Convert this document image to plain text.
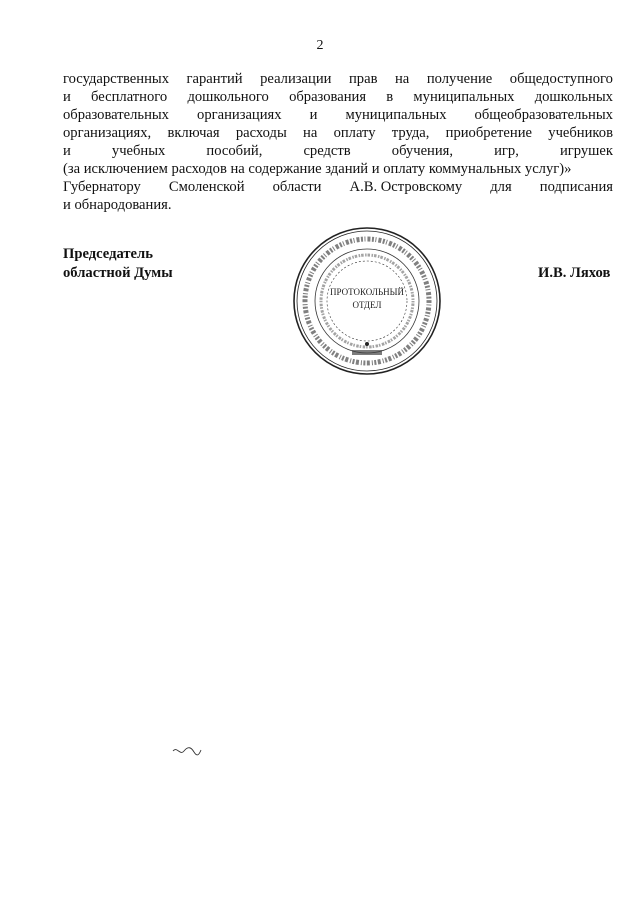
2
государственных гарантий реализации прав на получение общедоступного
и бесплатного дошкольного образования в муниципальных дошкольных
образовательных организациях и муниципальных общеобразовательных
организациях, включая расходы на оплату труда, приобретение учебников
и	учебных	пособий,	средств	обучения,	игр,	игрушек
(за исключением расходов на содержание зданий и оплату коммунальных услуг)»
Губернатору Смоленской области А.В. Островскому для подписания
и обнародования.
Председатель
областной Думы	И.В. Ляхов
ПРОТОКОЛЬНЫЙ
ОТДЕЛ
